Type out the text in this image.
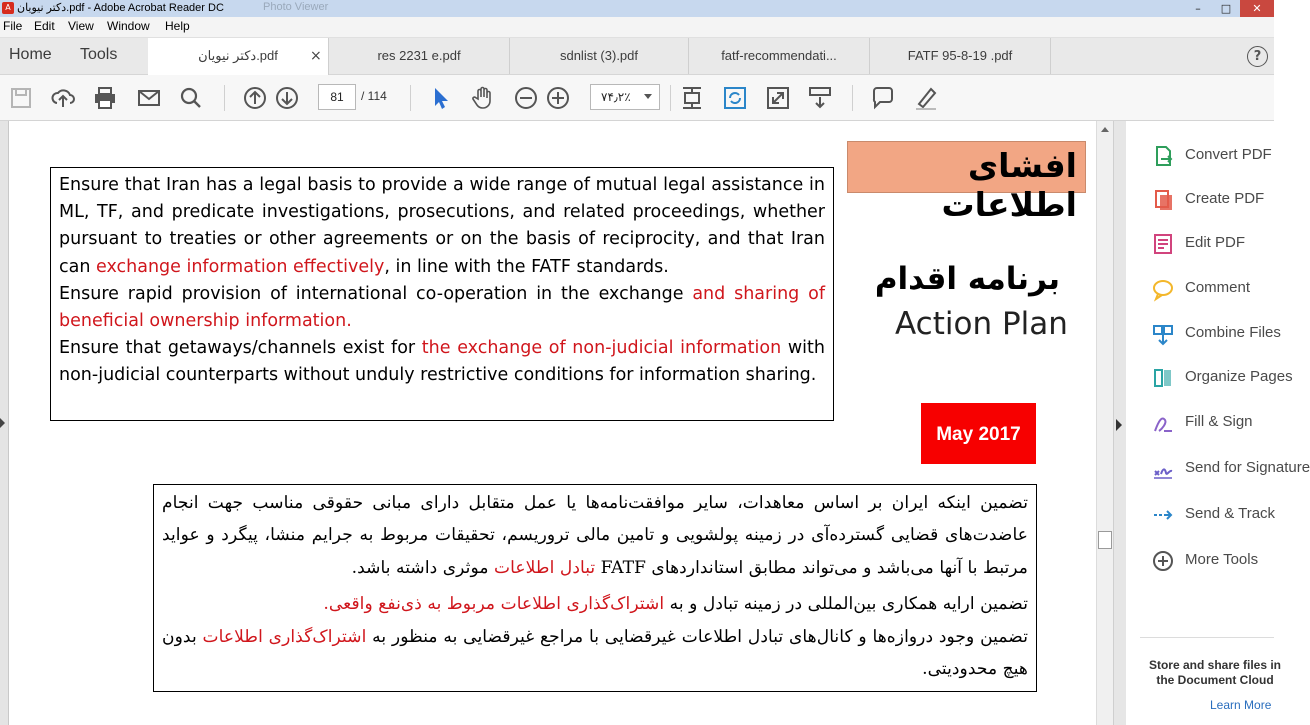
A دکتر نیویان.pdf - Adobe Acrobat Reader DC	Photo Viewer	–	□	✕
File Edit View Window Help
Home Tools	دکتر نیویان.pdf	×	res 2231 e.pdf	sdnlist (3).pdf	fatf-recommendati...	FATF 95-8-19 .pdf	?
81	/ 114	۷۴٫۲٪
افشای اطلاعات

Ensure that Iran has a legal basis to provide a wide range of mutual legal assistance in ML, TF, and predicate investigations, prosecutions, and related proceedings, whether pursuant to treaties or other agreements or on the basis of reciprocity, and that Iran can exchange information effectively, in line with the FATF standards.

Ensure rapid provision of international co-operation in the exchange and sharing of beneficial ownership information.

Ensure that getaways/channels exist for the exchange of non-judicial information with non-judicial counterparts without unduly restrictive conditions for information sharing.

برنامه اقدام
Action Plan
May 2017

تضمین اینکه ایران بر اساس معاهدات، سایر موافقت‌نامه‌ها یا عمل متقابل دارای مبانی حقوقی مناسب جهت انجام عاضدت‌های قضایی گسترده‌آی در زمینه پولشویی و تامین مالی تروریسم، تحقیقات مربوط به جرایم منشا، پیگرد و عواید مرتبط با آنها می‌باشد و می‌تواند مطابق استانداردهای FATF تبادل اطلاعات موثری داشته باشد.

تضمین ارایه همکاری بین‌المللی در زمینه تبادل و به اشتراک‌گذاری اطلاعات مربوط به ذی‌نفع واقعی.

تضمین وجود دروازه‌ها و کانال‌های تبادل اطلاعات غیرقضایی با مراجع غیرقضایی به منظور به اشتراک‌گذاری اطلاعات بدون هیچ محدودیتی.

Convert PDF
Create PDF
Edit PDF
Comment
Combine Files
Organize Pages
Fill & Sign
Send for Signature
Send & Track
More Tools
Store and share files in the Document Cloud
Learn More
